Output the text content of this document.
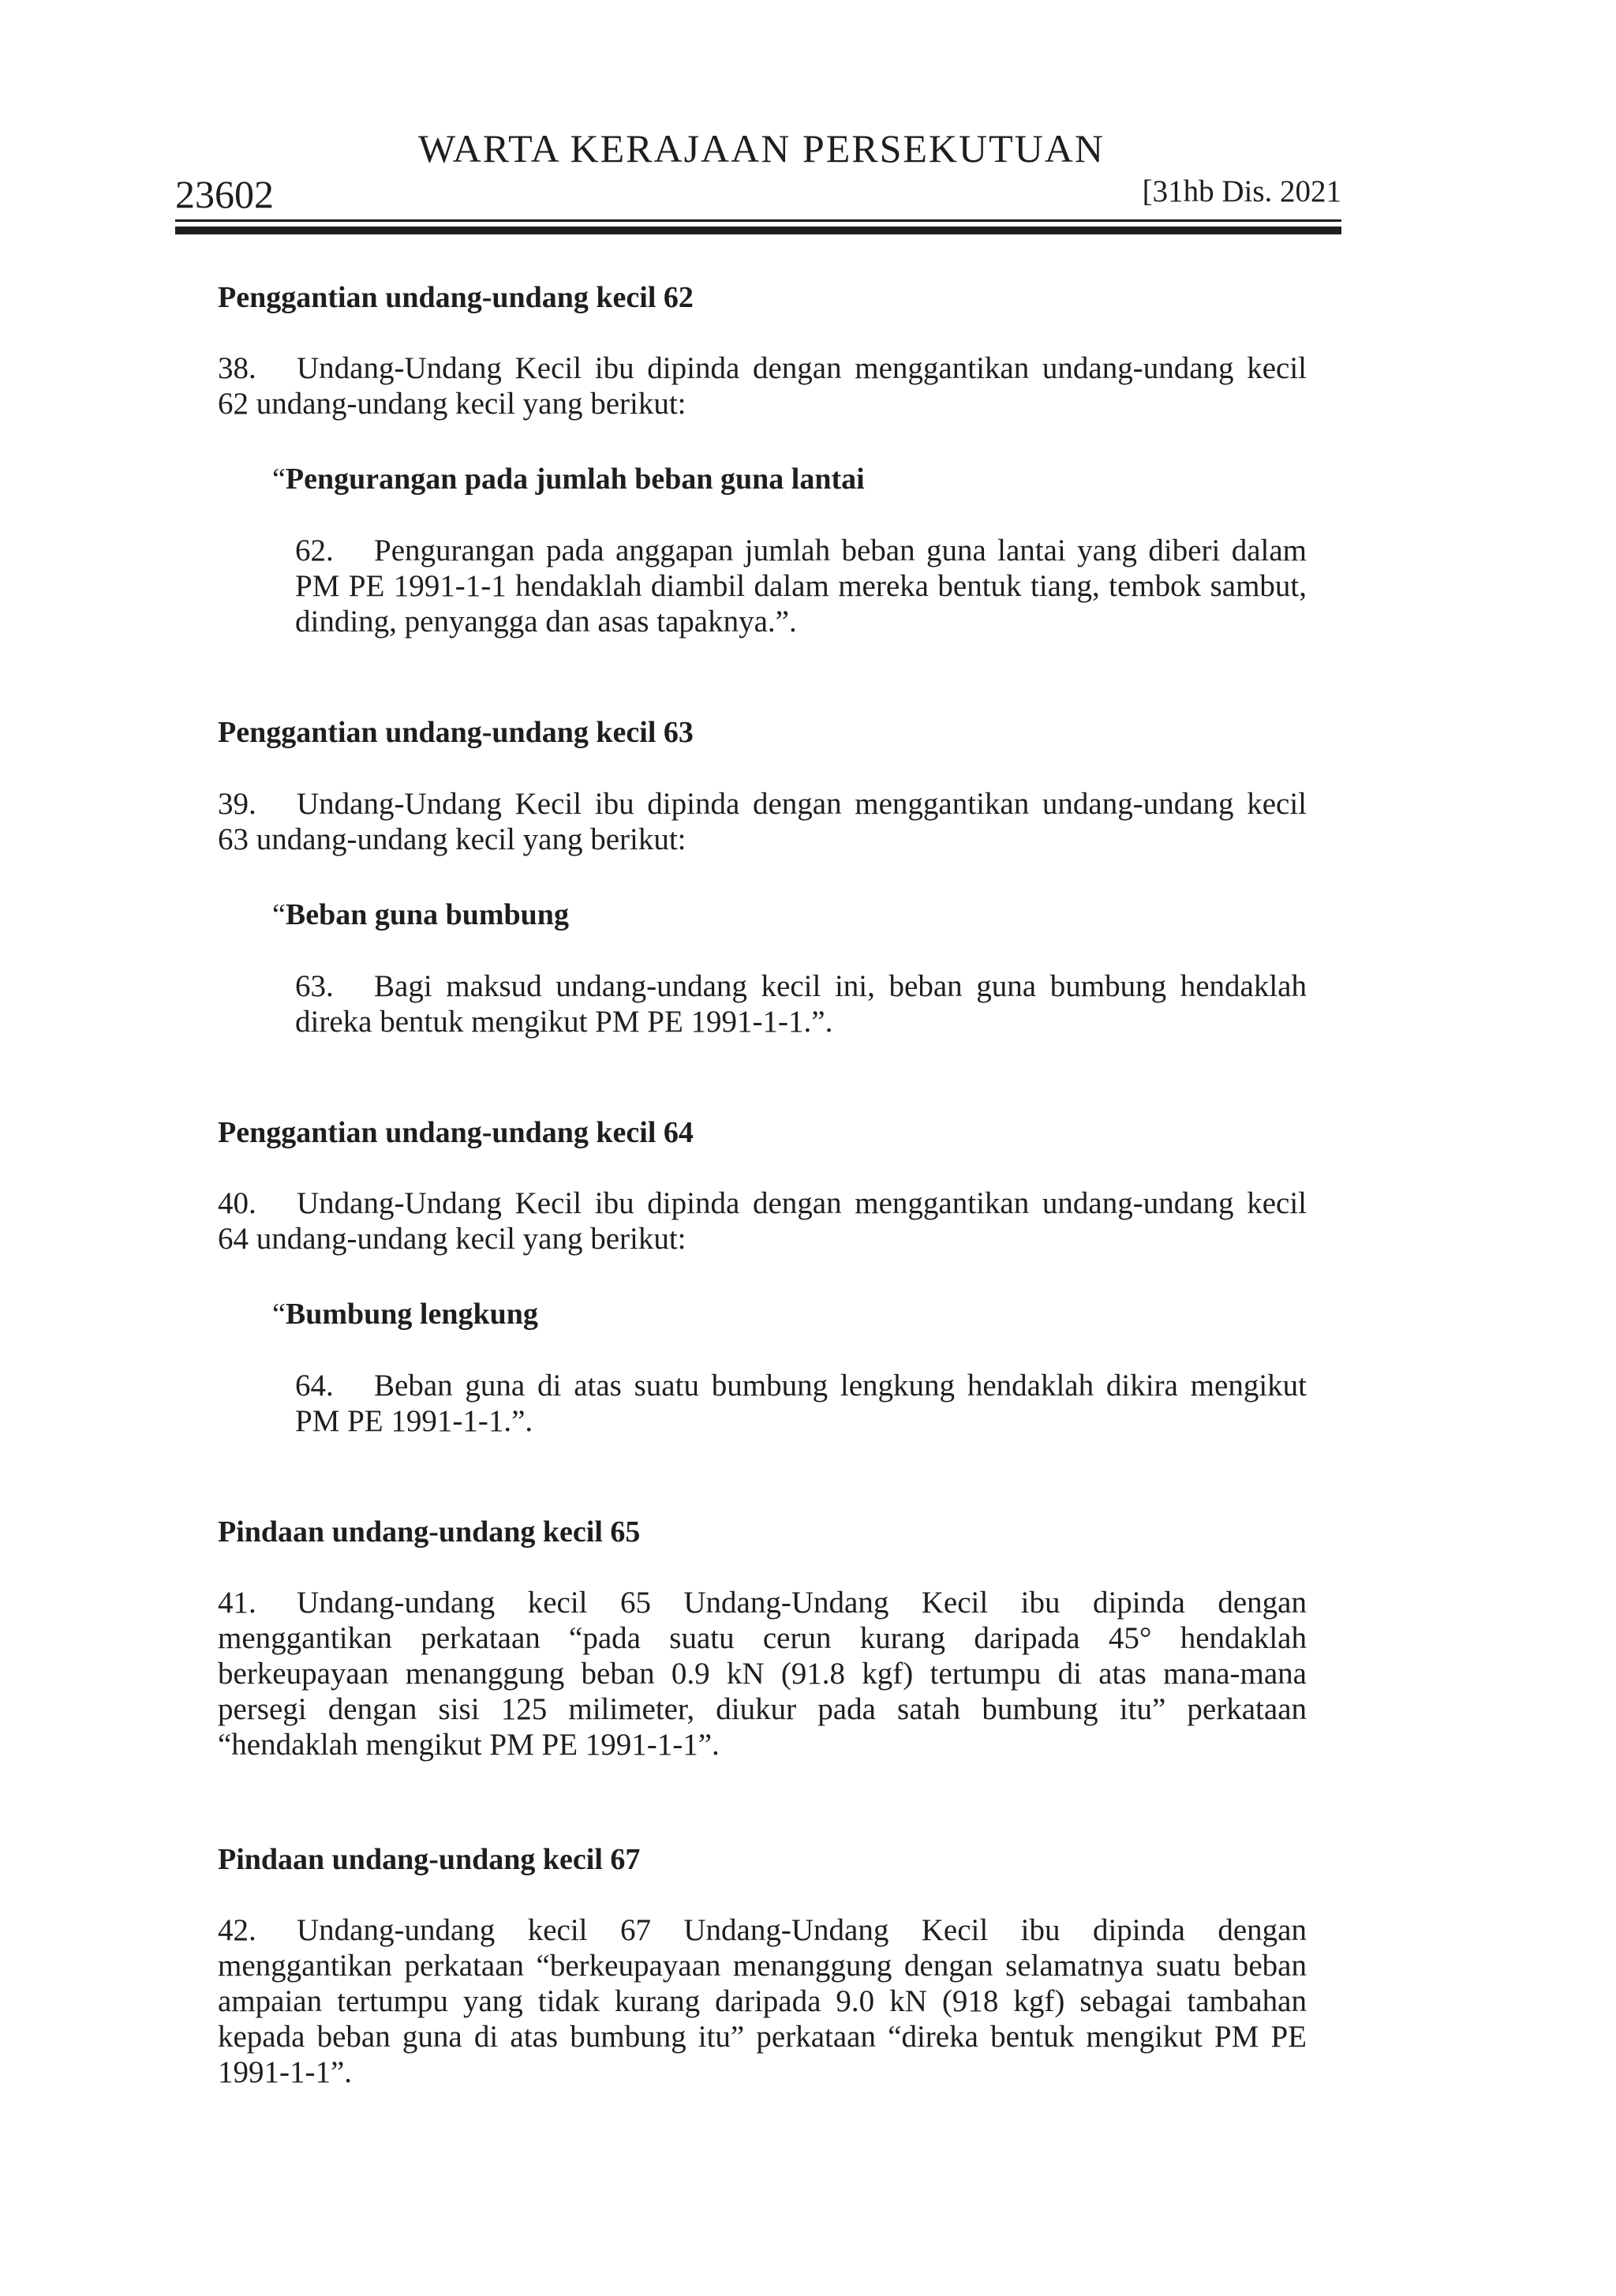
WARTA KERAJAAN PERSEKUTUAN
23602	[31hb Dis. 2021
Penggantian undang-undang kecil 62

38. Undang-Undang Kecil ibu dipinda dengan menggantikan undang-undang kecil 62 undang-undang kecil yang berikut:

“Pengurangan pada jumlah beban guna lantai

62. Pengurangan pada anggapan jumlah beban guna lantai yang diberi dalam PM PE 1991-1-1 hendaklah diambil dalam mereka bentuk tiang, tembok sambut, dinding, penyangga dan asas tapaknya.”.

Penggantian undang-undang kecil 63

39. Undang-Undang Kecil ibu dipinda dengan menggantikan undang-undang kecil 63 undang-undang kecil yang berikut:

“Beban guna bumbung

63. Bagi maksud undang-undang kecil ini, beban guna bumbung hendaklah direka bentuk mengikut PM PE 1991-1-1.”.

Penggantian undang-undang kecil 64

40. Undang-Undang Kecil ibu dipinda dengan menggantikan undang-undang kecil 64 undang-undang kecil yang berikut:

“Bumbung lengkung

64. Beban guna di atas suatu bumbung lengkung hendaklah dikira mengikut PM PE 1991-1-1.”.

Pindaan undang-undang kecil 65

41. Undang-undang kecil 65 Undang-Undang Kecil ibu dipinda dengan menggantikan perkataan “pada suatu cerun kurang daripada 45° hendaklah berkeupayaan menanggung beban 0.9 kN (91.8 kgf) tertumpu di atas mana-mana persegi dengan sisi 125 milimeter, diukur pada satah bumbung itu” perkataan “hendaklah mengikut PM PE 1991-1-1”.

Pindaan undang-undang kecil 67

42. Undang-undang kecil 67 Undang-Undang Kecil ibu dipinda dengan menggantikan perkataan “berkeupayaan menanggung dengan selamatnya suatu beban ampaian tertumpu yang tidak kurang daripada 9.0 kN (918 kgf) sebagai tambahan kepada beban guna di atas bumbung itu” perkataan “direka bentuk mengikut PM PE 1991-1-1”.
